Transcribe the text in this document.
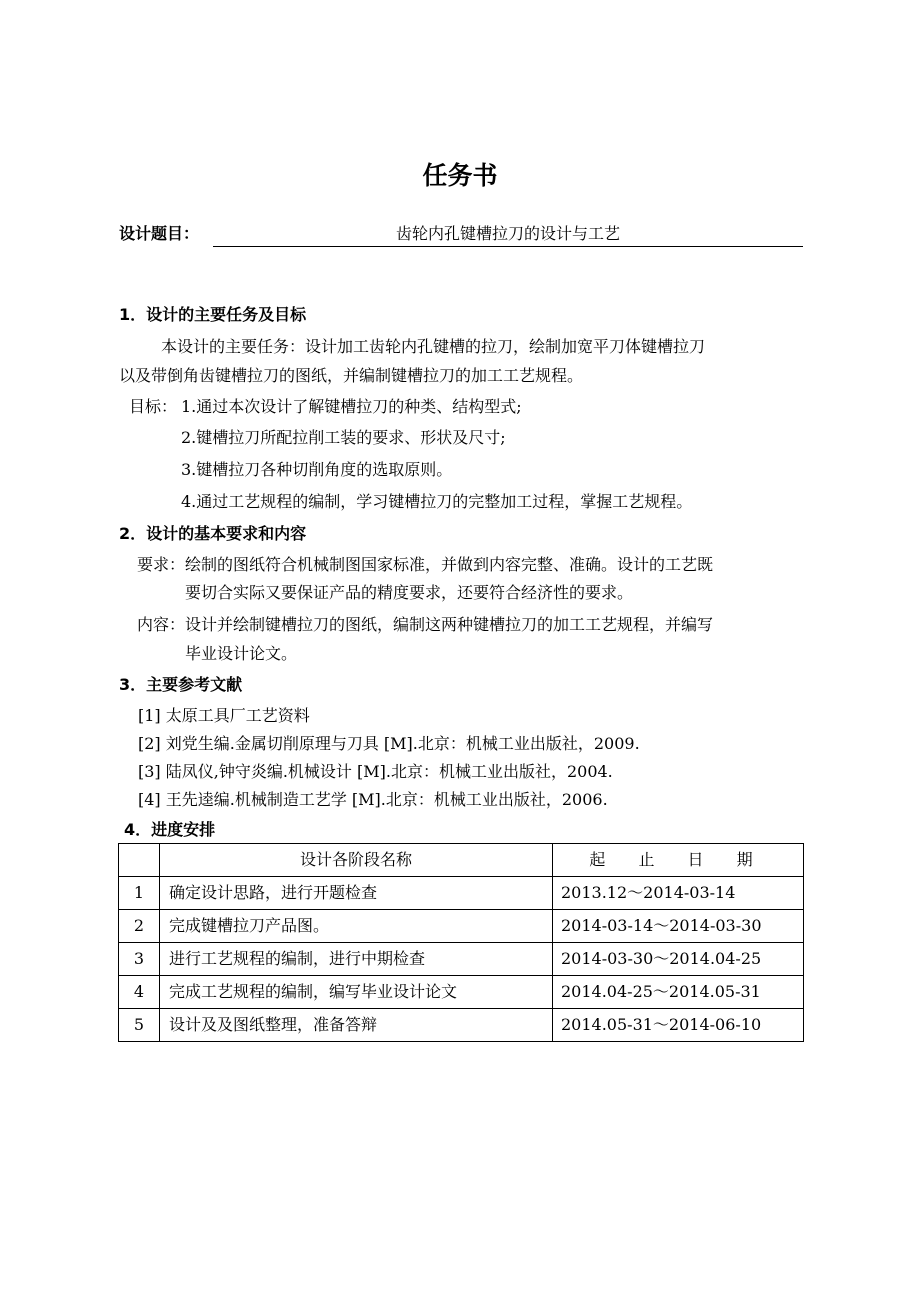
任务书
设计题目：	齿轮内孔键槽拉刀的设计与工艺
1．设计的主要任务及目标
本设计的主要任务：设计加工齿轮内孔键槽的拉刀，绘制加宽平刀体键槽拉刀
以及带倒角齿键槽拉刀的图纸，并编制键槽拉刀的加工工艺规程。
目标： 1.通过本次设计了解键槽拉刀的种类、结构型式;
2.键槽拉刀所配拉削工装的要求、形状及尺寸;
3.键槽拉刀各种切削角度的选取原则。
4.通过工艺规程的编制，学习键槽拉刀的完整加工过程，掌握工艺规程。
2．设计的基本要求和内容
要求：绘制的图纸符合机械制图国家标准，并做到内容完整、准确。设计的工艺既
要切合实际又要保证产品的精度要求，还要符合经济性的要求。
内容：设计并绘制键槽拉刀的图纸，编制这两种键槽拉刀的加工工艺规程，并编写
毕业设计论文。
3．主要参考文献
[1] 太原工具厂工艺资料
[2] 刘党生编.金属切削原理与刀具 [M].北京：机械工业出版社，2009.
[3] 陆凤仪,钟守炎编.机械设计 [M].北京：机械工业出版社，2004.
[4] 王先逵编.机械制造工艺学 [M].北京：机械工业出版社，2006.
4．进度安排
	设计各阶段名称	起 止 日 期
1	确定设计思路，进行开题检查	2013.12～2014-03-14
2	完成键槽拉刀产品图。	2014-03-14～2014-03-30
3	进行工艺规程的编制，进行中期检查	2014-03-30～2014.04-25
4	完成工艺规程的编制，编写毕业设计论文	2014.04-25～2014.05-31
5	设计及及图纸整理，准备答辩	2014.05-31～2014-06-10
